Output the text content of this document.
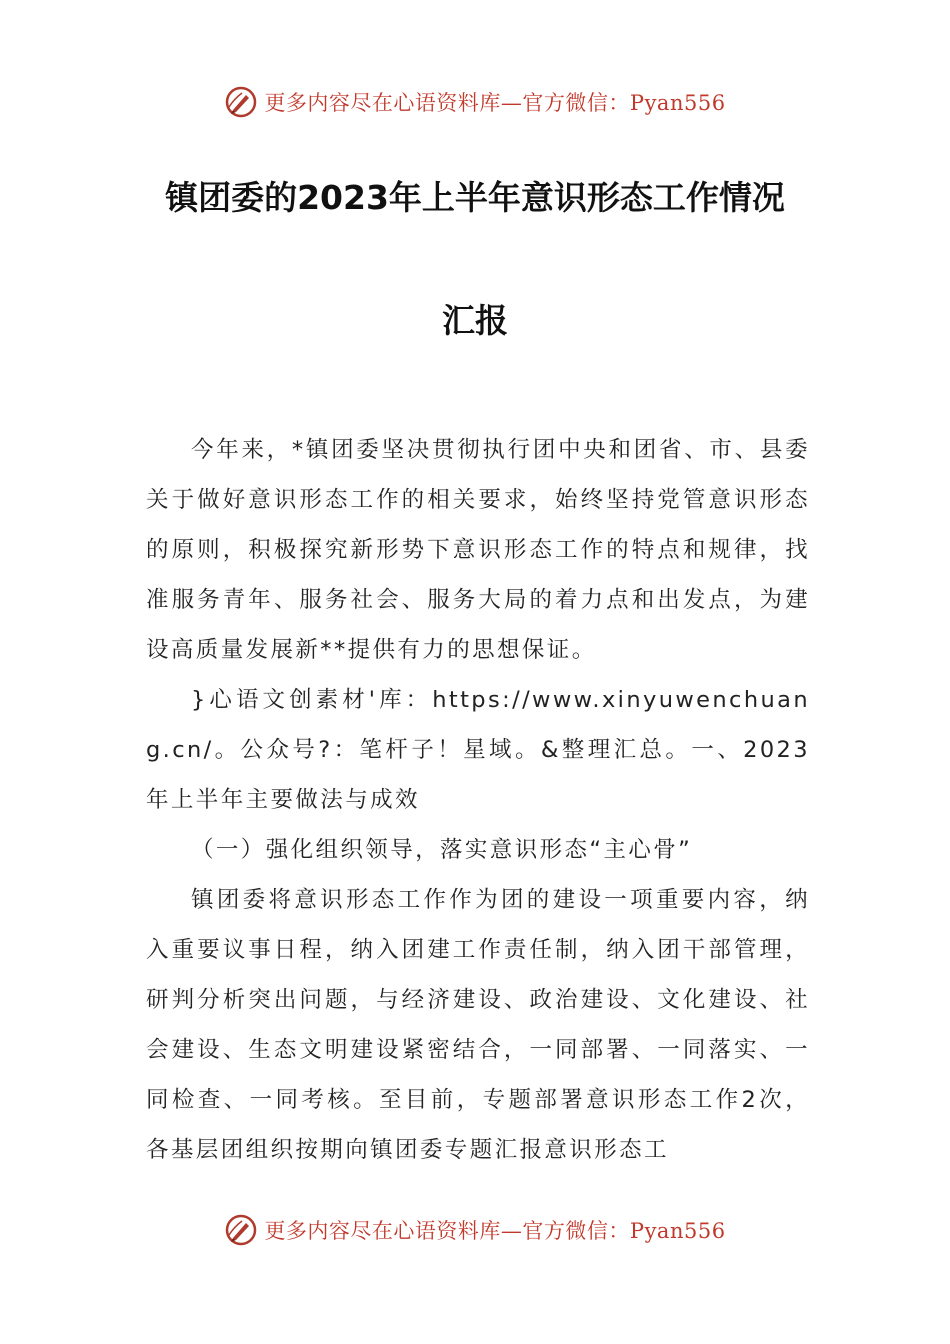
更多内容尽在心语资料库—官方微信：Pyan556
镇团委的2023年上半年意识形态工作情况
汇报

今年来，*镇团委坚决贯彻执行团中央和团省、市、县委关于做好意识形态工作的相关要求，始终坚持党管意识形态的原则，积极探究新形势下意识形态工作的特点和规律，找准服务青年、服务社会、服务大局的着力点和出发点，为建设高质量发展新**提供有力的思想保证。

}心语文创素材'库：https://www.xinyuwenchuang.cn/。公众号?：笔杆子！星域。&整理汇总。一、2023年上半年主要做法与成效

（一）强化组织领导，落实意识形态“主心骨”

镇团委将意识形态工作作为团的建设一项重要内容，纳入重要议事日程，纳入团建工作责任制，纳入团干部管理，研判分析突出问题，与经济建设、政治建设、文化建设、社会建设、生态文明建设紧密结合，一同部署、一同落实、一同检查、一同考核。至目前，专题部署意识形态工作2次，各基层团组织按期向镇团委专题汇报意识形态工

更多内容尽在心语资料库—官方微信：Pyan556
